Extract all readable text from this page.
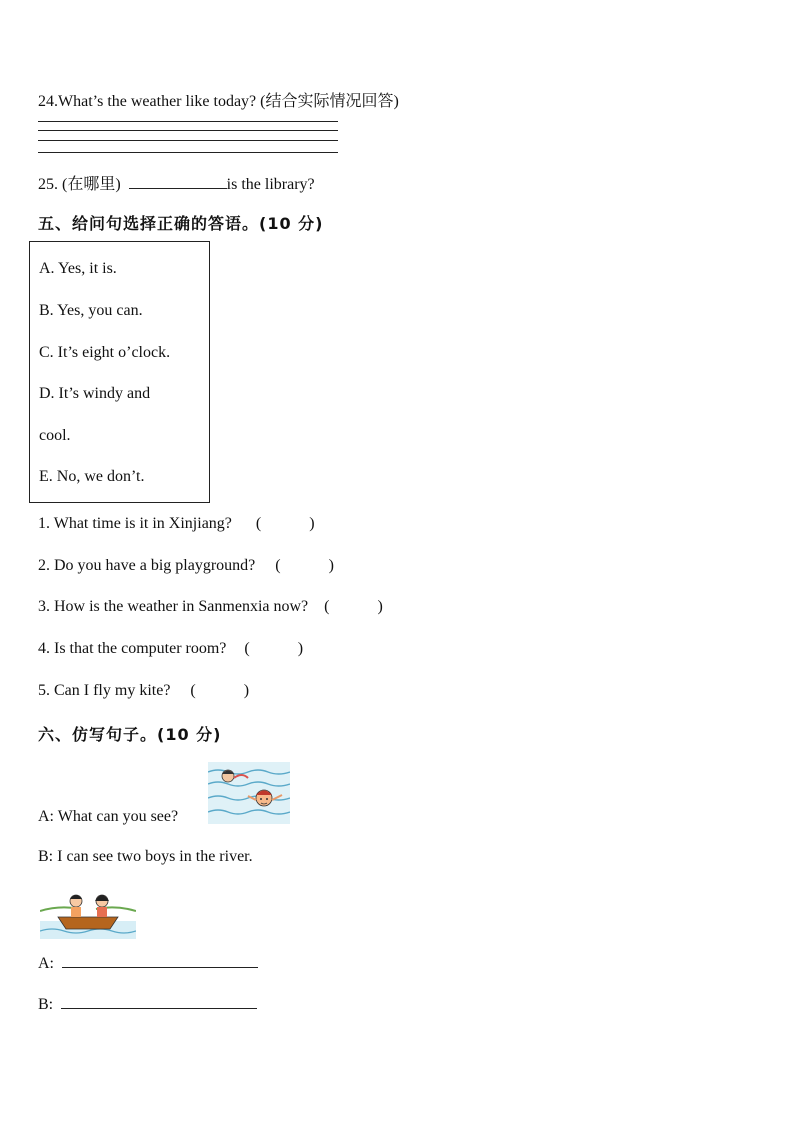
24.What’s the weather like today? (结合实际情况回答)
25. (在哪里)	is the library?
五、给问句选择正确的答语。(10 分)
A. Yes, it is.
B. Yes, you can.
C. It’s eight o’clock.
D. It’s windy and
cool.
E. No, we don’t.
1. What time is it in Xinjiang? (	)
2. Do you have a big playground? (	)
3. How is the weather in Sanmenxia now? (	)
4. Is that the computer room? (	)
5. Can I fly my kite? (	)
六、仿写句子。(10 分)
A: What can you see?
B: I can see two boys in the river.
A:
B:
